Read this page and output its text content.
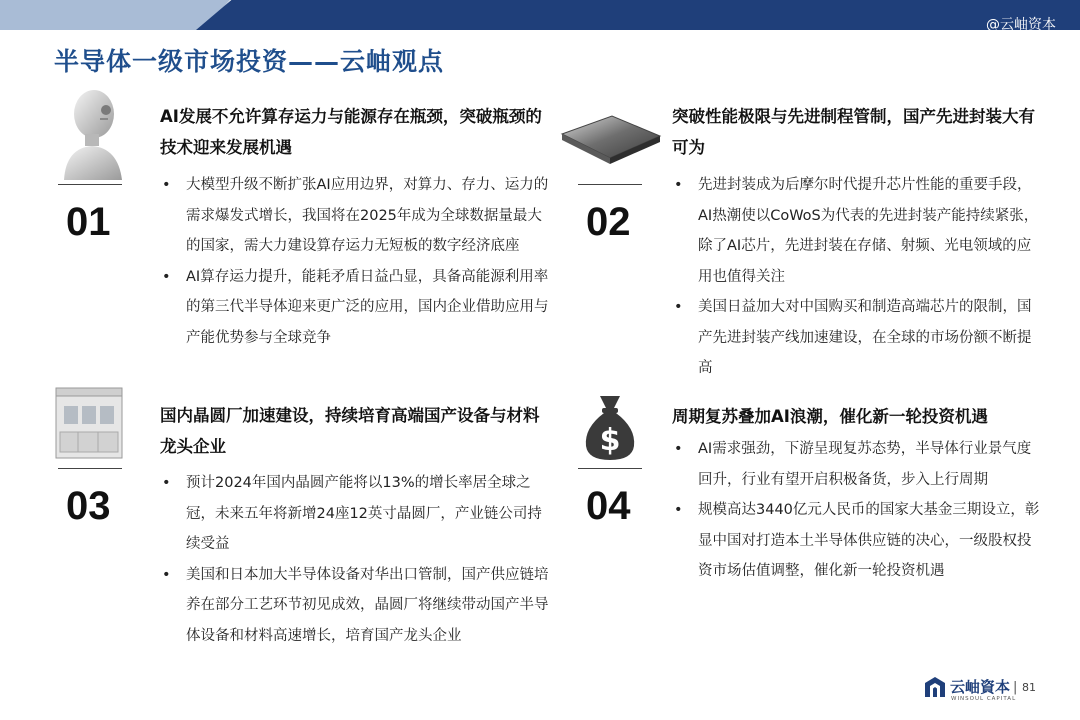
@云岫资本
半导体一级市场投资——云岫观点
01
AI发展不允许算存运力与能源存在瓶颈，突破瓶颈的技术迎来发展机遇
• 大模型升级不断扩张AI应用边界，对算力、存力、运力的需求爆发式增长，我国将在2025年成为全球数据量最大的国家，需大力建设算存运力无短板的数字经济底座
• AI算存运力提升，能耗矛盾日益凸显，具备高能源利用率的第三代半导体迎来更广泛的应用，国内企业借助应用与产能优势参与全球竞争
02
突破性能极限与先进制程管制，国产先进封装大有可为
• 先进封装成为后摩尔时代提升芯片性能的重要手段，AI热潮使以CoWoS为代表的先进封装产能持续紧张，除了AI芯片，先进封装在存储、射频、光电领域的应用也值得关注
• 美国日益加大对中国购买和制造高端芯片的限制，国产先进封装产线加速建设，在全球的市场份额不断提高
03
国内晶圆厂加速建设，持续培育高端国产设备与材料龙头企业
• 预计2024年国内晶圆产能将以13%的增长率居全球之冠，未来五年将新增24座12英寸晶圆厂，产业链公司持续受益
• 美国和日本加大半导体设备对华出口管制，国产供应链培养在部分工艺环节初见成效，晶圆厂将继续带动国产半导体设备和材料高速增长，培育国产龙头企业
$
04
周期复苏叠加AI浪潮，催化新一轮投资机遇
• AI需求强劲，下游呈现复苏态势，半导体行业景气度回升，行业有望开启积极备货，步入上行周期
• 规模高达3440亿元人民币的国家大基金三期设立，彰显中国对打造本土半导体供应链的决心，一级股权投资市场估值调整，催化新一轮投资机遇
云岫資本
WINSOUL CAPITAL
| 81
